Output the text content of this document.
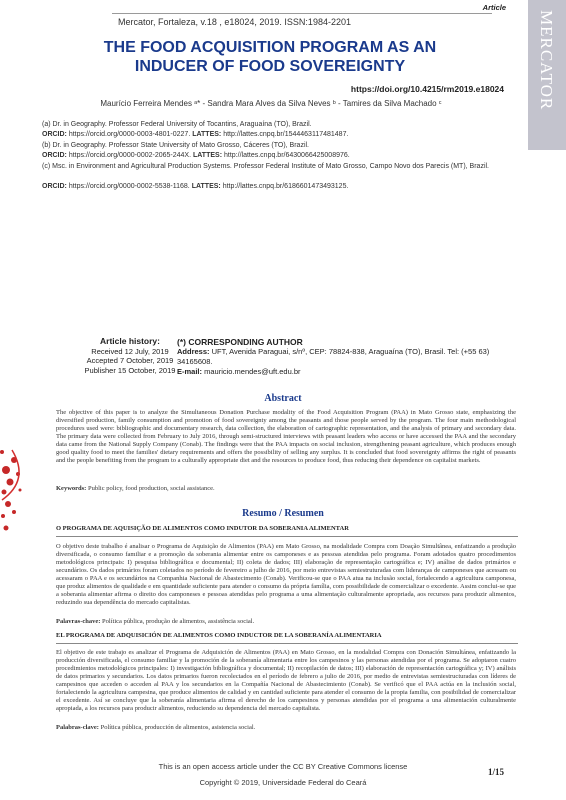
Article
Mercator, Fortaleza, v.18 , e18024, 2019. ISSN:1984-2201	MERCATOR
THE FOOD ACQUISITION PROGRAM AS AN
INDUCER OF FOOD SOVEREIGNTY
https://doi.org/10.4215/rm2019.e18024
Maurício Ferreira Mendes ᵃ* - Sandra Mara Alves da Silva Neves ᵇ - Tamires da Silva Machado ᶜ
(a) Dr. in Geography. Professor Federal University of Tocantins, Araguaína (TO), Brazil.
ORCID: https://orcid.org/0000-0003-4801-0227. LATTES: http://lattes.cnpq.br/1544463117481487.
(b) Dr. in Geography. Professor State University of Mato Grosso, Cáceres (TO), Brazil.
ORCID: https://orcid.org/0000-0002-2065-244X. LATTES: http://lattes.cnpq.br/6430066425008976.
(c) Msc. in Environment and Agricultural Production Systems. Professor Federal Institute of Mato Grosso, Campo Novo dos Parecis (MT), Brazil.
ORCID: https://orcid.org/0000-0002-5538-1168. LATTES: http://lattes.cnpq.br/6186601473493125.
Article history:
Received 12 July, 2019
Accepted 7 October, 2019
Publisher 15 October, 2019
(*) CORRESPONDING AUTHOR
Address: UFT, Avenida Paraguai, s/nº, CEP: 78824-838, Araguaína (TO), Brasil. Tel: (+55 63) 34165608.
E-mail: mauricio.mendes@uft.edu.br
Abstract
The objective of this paper is to analyze the Simultaneous Donation Purchase modality of the Food Acquisition Program (PAA) in Mato Grosso state, emphasizing the diversified production, family consumption and promotion of food sovereignty among the peasants and those people served by the program. The four main methodological procedures used were: bibliographic and documentary research, data collection, the elaboration of cartographic representation, and the analysis of primary and secondary data. The primary data were collected from February to July 2016, through semi-structured interviews with peasant leaders who access or have accessed the PAA and the secondary data came from the National Supply Company (Conab). The findings were that the PAA impacts on social inclusion, strengthening peasant agriculture, which produces enough good quality food to meet the families' dietary requirements and offers the possibility of selling any surplus. It is concluded that food sovereignty affirms the right of peasants and the people benefiting from the program to a culturally appropriate diet and the resources to produce food, thus reducing their dependence on capitalist markets.
Keywords: Public policy, food production, social assistance.
Resumo / Resumen
O PROGRAMA DE AQUISIÇÃO DE ALIMENTOS COMO INDUTOR DA SOBERANIA ALIMENTAR
O objetivo deste trabalho é analisar o Programa de Aquisição de Alimentos (PAA) em Mato Grosso, na modalidade Compra com Doação Simultânea, enfatizando a produção diversificada, o consumo familiar e a promoção da soberania alimentar entre os camponeses e as pessoas atendidas pelo programa. Foram adotados quatro procedimentos metodológicos principais: I) pesquisa bibliográfica e documental; II) coleta de dados; III) elaboração de representação cartográfica e; IV) análise de dados primários e secundários. Os dados primários foram coletados no período de fevereiro a julho de 2016, por meio entrevistas semiestruturadas com lideranças de camponeses que acessam ou acessaram o PAA e os secundários na Companhia Nacional de Abastecimento (Conab). Verificou-se que o PAA atua na inclusão social, fortalecendo a agricultura camponesa, que produz alimentos de qualidade e em quantidade suficiente para atender o consumo da própria família, com possibilidade de comercializar o excedente. Assim conclui-se que a soberania alimentar afirma o direito dos camponeses e pessoas atendidas pelo programa a uma alimentação culturalmente apropriada, aos recursos para produzir alimentos, reduzindo sua dependência do mercado capitalistas.
Palavras-chave: Política pública, produção de alimentos, assistência social.
EL PROGRAMA DE ADQUISICIÓN DE ALIMENTOS COMO INDUCTOR DE LA SOBERANÍA ALIMENTARIA
El objetivo de este trabajo es analizar el Programa de Adquisición de Alimentos (PAA) en Mato Grosso, en la modalidad Compra con Donación Simultánea, enfatizando la producción diversificada, el consumo familiar y la promoción de la soberanía alimentaria entre los campesinos y las personas atendidas por el programa. Se adoptaron cuatro procedimientos metodológicos principales: I) investigación bibliográfica y documental; II) recopilación de datos; III) elaboración de representación cartográfica y; IV) análisis de datos primarios y secundarios. Los datos primarios fueron recolectados en el período de febrero a julio de 2016, por medio de entrevistas semiestructuradas con líderes de campesinos que acceden o acceden al PAA y los secundarios en la Compañía Nacional de Abastecimiento (Conab). Se verificó que el PAA actúa en la inclusión social, fortaleciendo la agricultura campesina, que produce alimentos de calidad y en cantidad suficiente para atender el consumo de la propia familia, con posibilidad de comercializar el excedente. Así se concluye que la soberanía alimentaria afirma el derecho de los campesinos y personas atendidas por el programa a una alimentación culturalmente apropiada, a los recursos para producir alimentos, reduciendo su dependencia del mercado capitalista.
Palabras-clave: Política pública, producción de alimentos, asistencia social.
This is an open access article under the CC BY Creative Commons license
Copyright © 2019, Universidade Federal do Ceará
1/15
